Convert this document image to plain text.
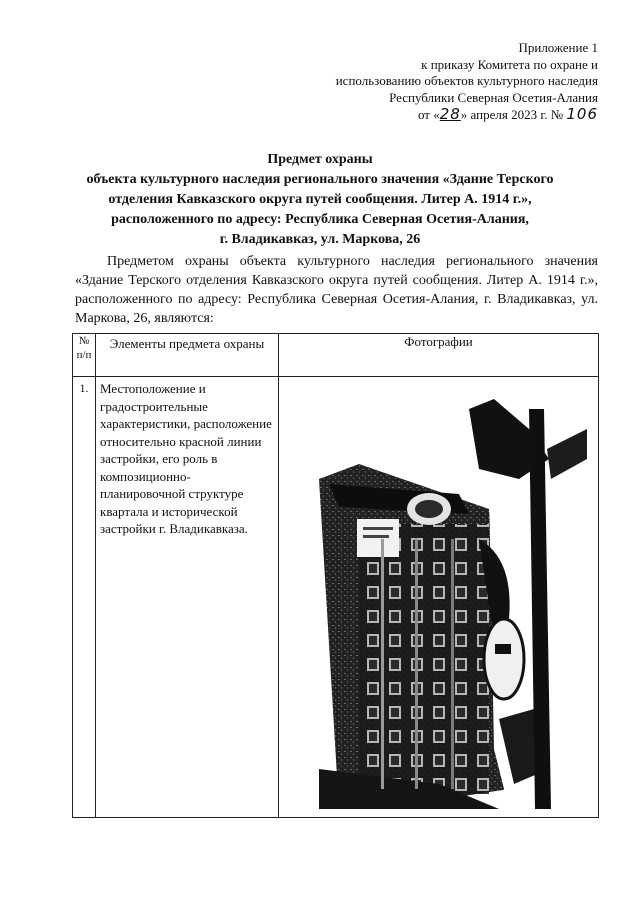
Приложение 1
к приказу Комитета по охране и
использованию объектов культурного наследия
Республики Северная Осетия-Алания
от «28» апреля 2023 г. № 106
Предмет охраны
объекта культурного наследия регионального значения «Здание Терского
отделения Кавказского округа путей сообщения. Литер А. 1914 г.»,
расположенного по адресу: Республика Северная Осетия-Алания,
г. Владикавказ, ул. Маркова, 26

Предметом охраны объекта культурного наследия регионального значения «Здание Терского отделения Кавказского округа путей сообщения. Литер А. 1914 г.», расположенного по адресу: Республика Северная Осетия-Алания, г. Владикавказ, ул. Маркова, 26, являются:

№ п/п	Элементы предмета охраны	Фотографии
1.	Местоположение и градостроительные характеристики, расположение относительно красной линии застройки, его роль в композиционно-планировочной структуре квартала и исторической застройки г. Владикавказа.	
